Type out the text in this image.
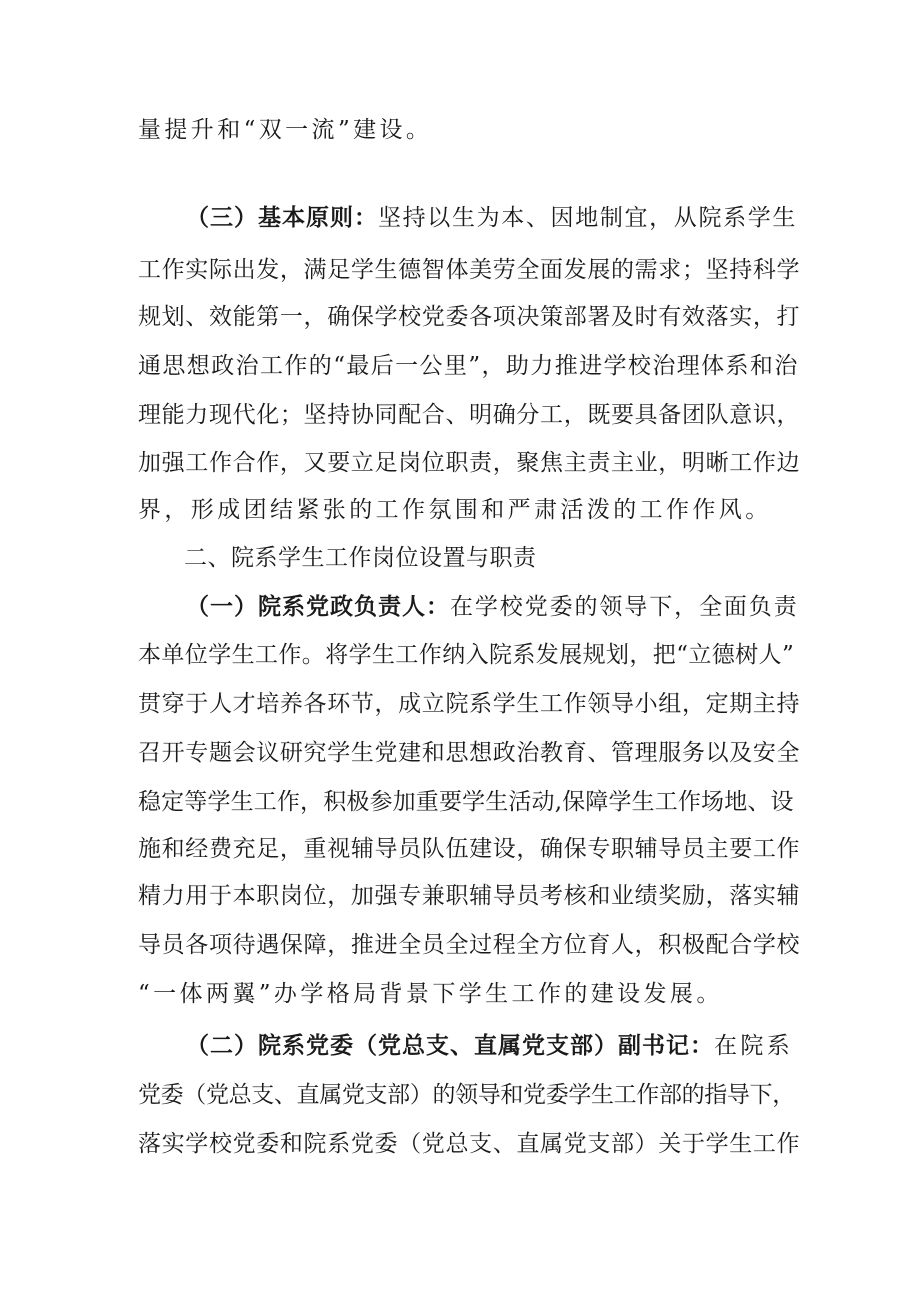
量提升和“双一流”建设。
（三）基本原则：坚持以生为本、因地制宜，从院系学生
工作实际出发，满足学生德智体美劳全面发展的需求；坚持科学
规划、效能第一，确保学校党委各项决策部署及时有效落实，打
通思想政治工作的“最后一公里”，助力推进学校治理体系和治
理能力现代化；坚持协同配合、明确分工，既要具备团队意识，
加强工作合作，又要立足岗位职责，聚焦主责主业，明晰工作边
界，形成团结紧张的工作氛围和严肃活泼的工作作风。
二、院系学生工作岗位设置与职责
（一）院系党政负责人：在学校党委的领导下，全面负责
本单位学生工作。将学生工作纳入院系发展规划，把“立德树人”
贯穿于人才培养各环节，成立院系学生工作领导小组，定期主持
召开专题会议研究学生党建和思想政治教育、管理服务以及安全
稳定等学生工作，积极参加重要学生活动,保障学生工作场地、设
施和经费充足，重视辅导员队伍建设，确保专职辅导员主要工作
精力用于本职岗位，加强专兼职辅导员考核和业绩奖励，落实辅
导员各项待遇保障，推进全员全过程全方位育人，积极配合学校
“一体两翼”办学格局背景下学生工作的建设发展。
（二）院系党委（党总支、直属党支部）副书记：在院系
党委（党总支、直属党支部）的领导和党委学生工作部的指导下，
落实学校党委和院系党委（党总支、直属党支部）关于学生工作
